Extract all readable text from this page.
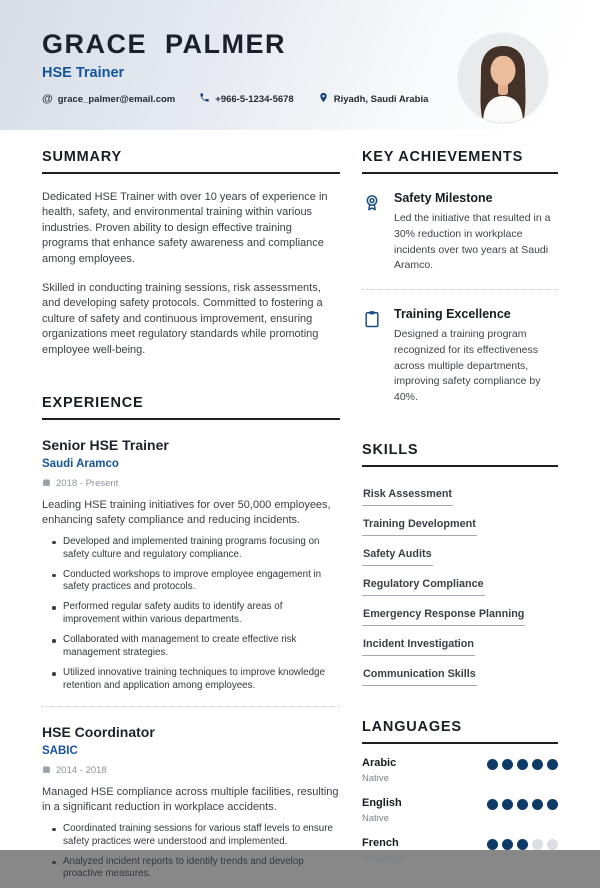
GRACE PALMER
HSE Trainer
@ grace_palmer@email.com	+966-5-1234-5678	Riyadh, Saudi Arabia
SUMMARY

Dedicated HSE Trainer with over 10 years of experience in health, safety, and environmental training within various industries. Proven ability to design effective training programs that enhance safety awareness and compliance among employees.

Skilled in conducting training sessions, risk assessments, and developing safety protocols. Committed to fostering a culture of safety and continuous improvement, ensuring organizations meet regulatory standards while promoting employee well-being.

EXPERIENCE
Senior HSE Trainer
Saudi Aramco
2018 - Present

Leading HSE training initiatives for over 50,000 employees, enhancing safety compliance and reducing incidents.

Developed and implemented training programs focusing on safety culture and regulatory compliance.
Conducted workshops to improve employee engagement in safety practices and protocols.
Performed regular safety audits to identify areas of improvement within various departments.
Collaborated with management to create effective risk management strategies.
Utilized innovative training techniques to improve knowledge retention and application among employees.
HSE Coordinator
SABIC
2014 - 2018

Managed HSE compliance across multiple facilities, resulting in a significant reduction in workplace accidents.

Coordinated training sessions for various staff levels to ensure safety practices were understood and implemented.
Analyzed incident reports to identify trends and develop proactive measures.
KEY ACHIEVEMENTS
Safety Milestone
Led the initiative that resulted in a 30% reduction in workplace incidents over two years at Saudi Aramco.
Training Excellence
Designed a training program recognized for its effectiveness across multiple departments, improving safety compliance by 40%.
SKILLS
Risk Assessment
Training Development
Safety Audits
Regulatory Compliance
Emergency Response Planning
Incident Investigation
Communication Skills
LANGUAGES
Arabic
Native
English
Native
French
Advanced
